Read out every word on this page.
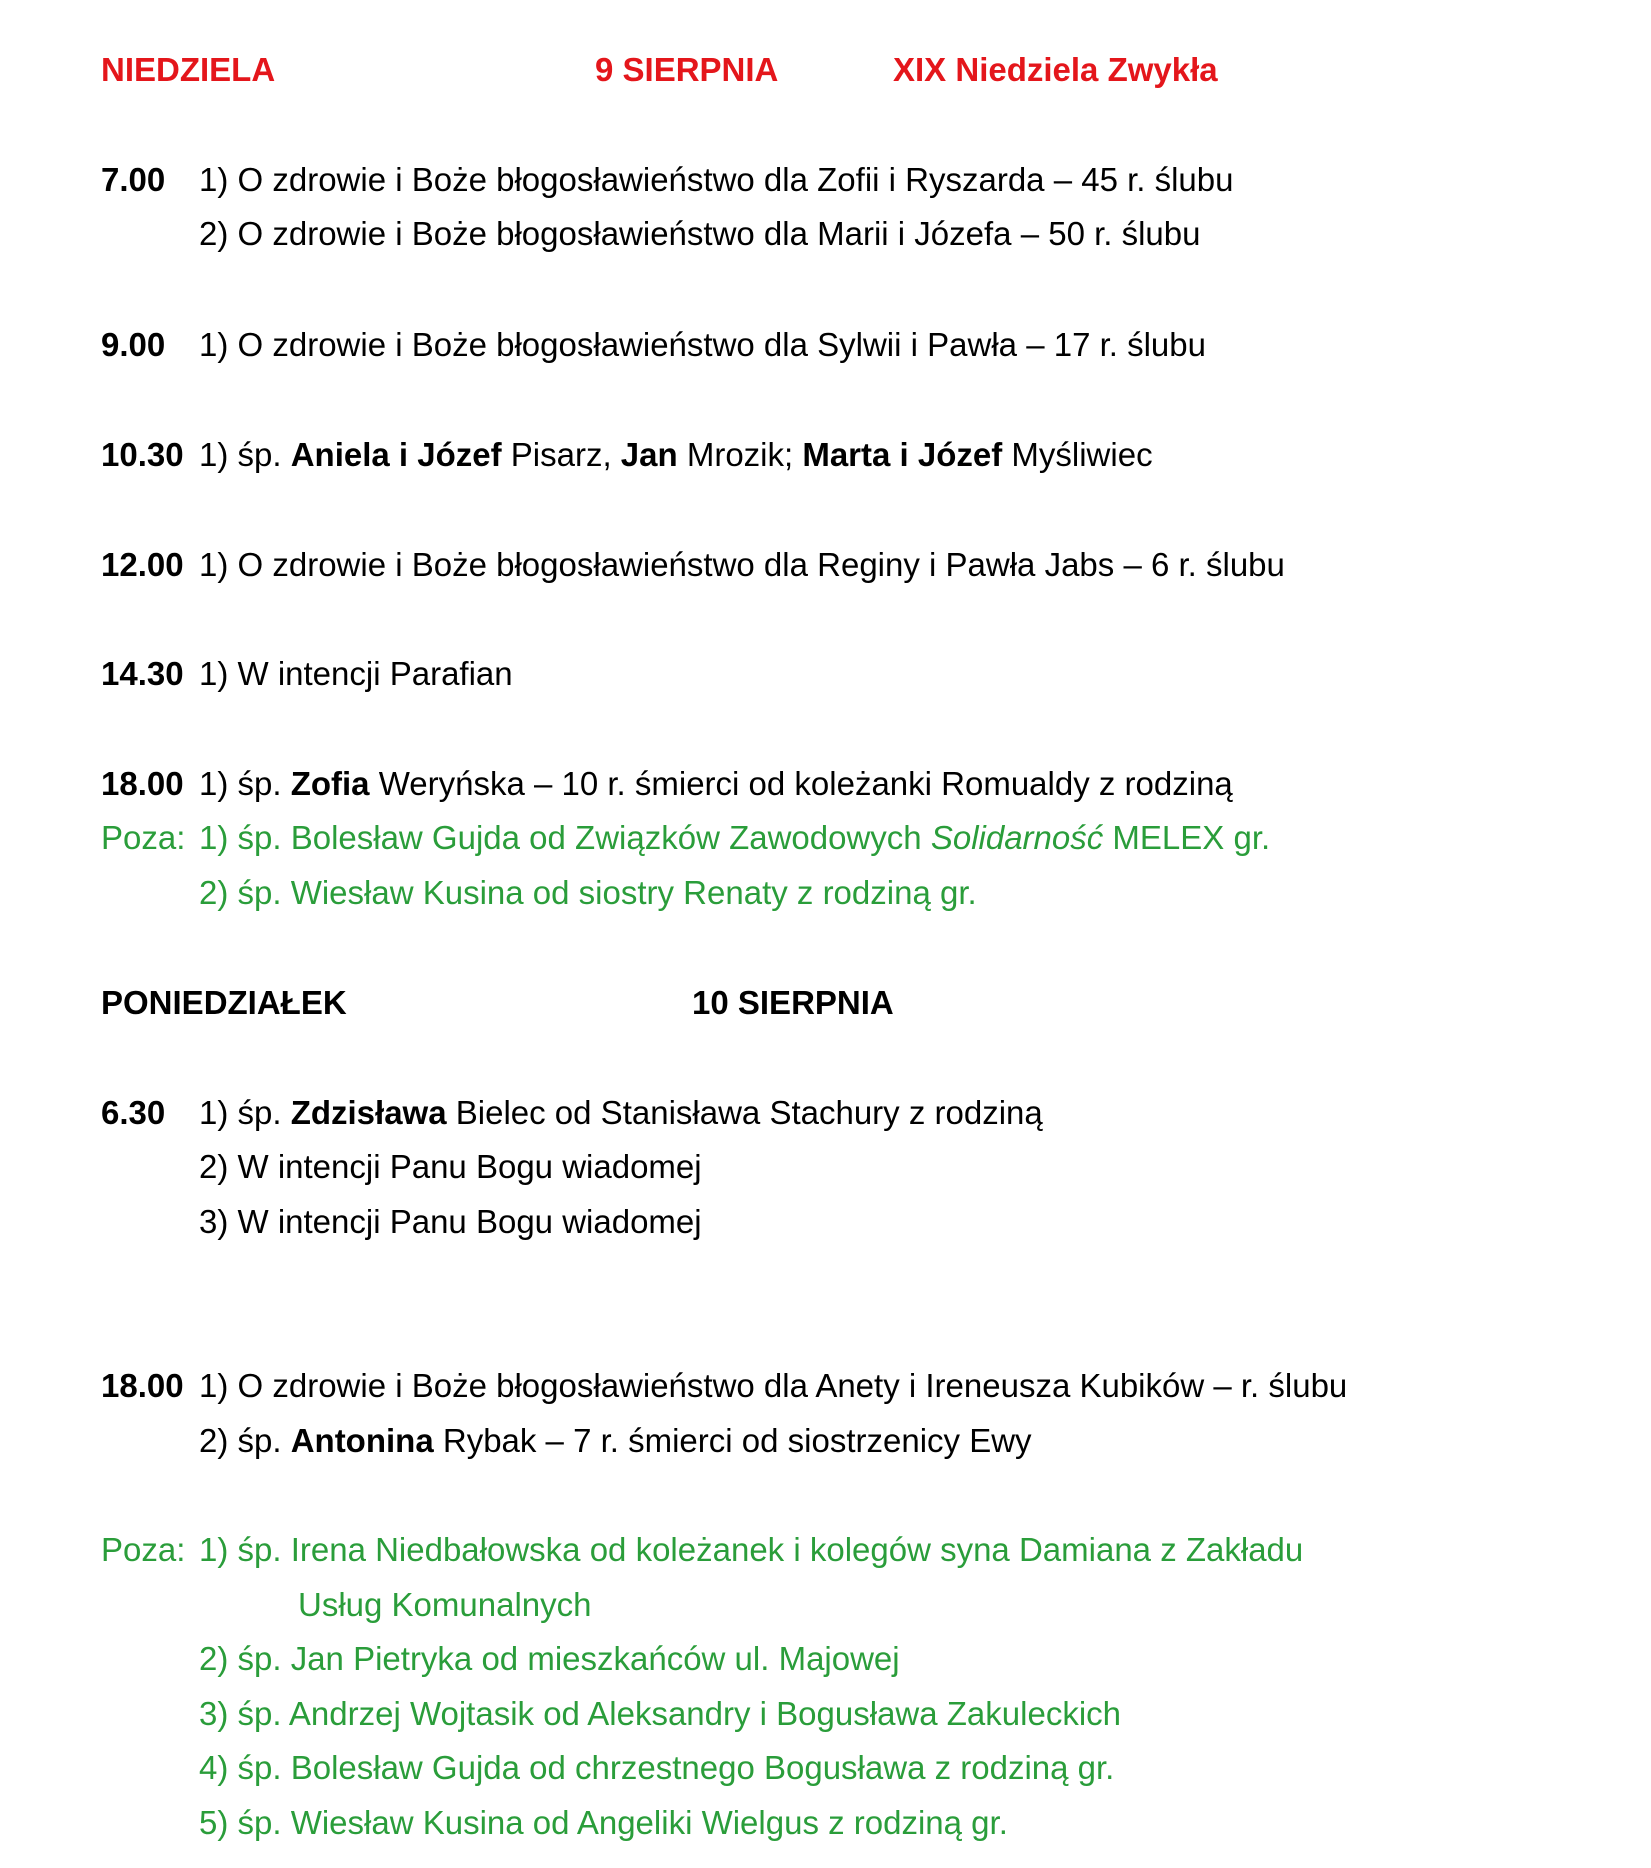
NIEDZIELA	9 SIERPNIA	XIX Niedziela Zwykła
7.00 1) O zdrowie i Boże błogosławieństwo dla Zofii i Ryszarda – 45 r. ślubu
2) O zdrowie i Boże błogosławieństwo dla Marii i Józefa – 50 r. ślubu
9.00 1) O zdrowie i Boże błogosławieństwo dla Sylwii i Pawła – 17 r. ślubu
10.30 1) śp. Aniela i Józef Pisarz, Jan Mrozik; Marta i Józef Myśliwiec
12.00 1) O zdrowie i Boże błogosławieństwo dla Reginy i Pawła Jabs – 6 r. ślubu
14.30 1) W intencji Parafian
18.00 1) śp. Zofia Weryńska – 10 r. śmierci od koleżanki Romualdy z rodziną
Poza: 1) śp. Bolesław Gujda od Związków Zawodowych Solidarność MELEX gr.
2) śp. Wiesław Kusina od siostry Renaty z rodziną gr.
PONIEDZIAŁEK	10 SIERPNIA
6.30 1) śp. Zdzisława Bielec od Stanisława Stachury z rodziną
2) W intencji Panu Bogu wiadomej
3) W intencji Panu Bogu wiadomej
18.00 1) O zdrowie i Boże błogosławieństwo dla Anety i Ireneusza Kubików – r. ślubu
2) śp. Antonina Rybak – 7 r. śmierci od siostrzenicy Ewy
Poza: 1) śp. Irena Niedbałowska od koleżanek i kolegów syna Damiana z Zakładu
Usług Komunalnych
2) śp. Jan Pietryka od mieszkańców ul. Majowej
3) śp. Andrzej Wojtasik od Aleksandry i Bogusława Zakuleckich
4) śp. Bolesław Gujda od chrzestnego Bogusława z rodziną gr.
5) śp. Wiesław Kusina od Angeliki Wielgus z rodziną gr.
